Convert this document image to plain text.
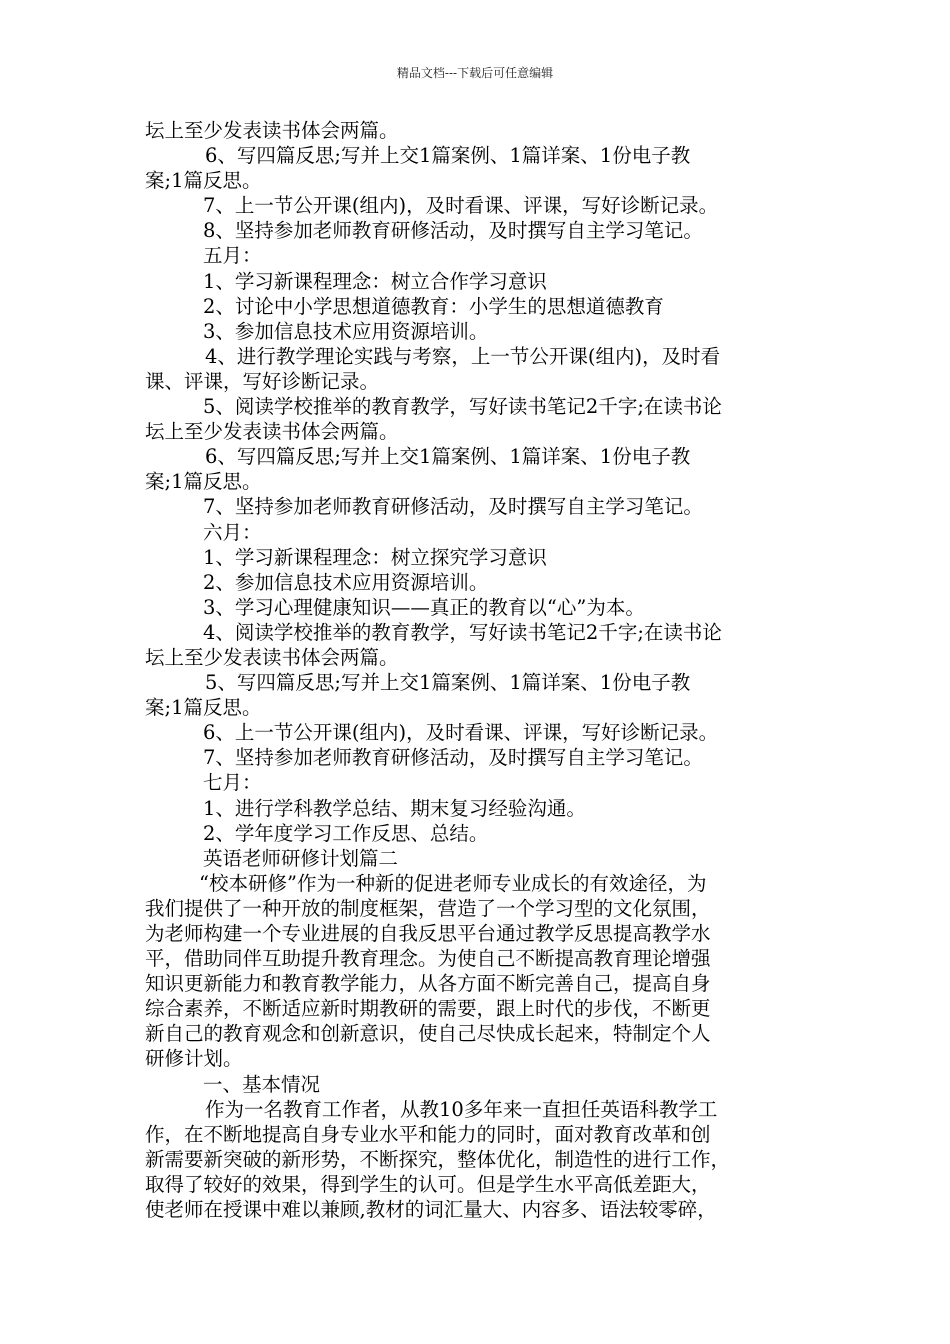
精品文档---下载后可任意编辑
坛上至少发表读书体会两篇。
6、写四篇反思;写并上交1篇案例、1篇详案、1份电子教
案;1篇反思。
7、上一节公开课(组内)，及时看课、评课，写好诊断记录。
8、坚持参加老师教育研修活动，及时撰写自主学习笔记。
五月：
1、学习新课程理念：树立合作学习意识
2、讨论中小学思想道德教育：小学生的思想道德教育
3、参加信息技术应用资源培训。
4、进行教学理论实践与考察，上一节公开课(组内)，及时看
课、评课，写好诊断记录。
5、阅读学校推举的教育教学，写好读书笔记2千字;在读书论
坛上至少发表读书体会两篇。
6、写四篇反思;写并上交1篇案例、1篇详案、1份电子教
案;1篇反思。
7、坚持参加老师教育研修活动，及时撰写自主学习笔记。
六月：
1、学习新课程理念：树立探究学习意识
2、参加信息技术应用资源培训。
3、学习心理健康知识——真正的教育以“心”为本。
4、阅读学校推举的教育教学，写好读书笔记2千字;在读书论
坛上至少发表读书体会两篇。
5、写四篇反思;写并上交1篇案例、1篇详案、1份电子教
案;1篇反思。
6、上一节公开课(组内)，及时看课、评课，写好诊断记录。
7、坚持参加老师教育研修活动，及时撰写自主学习笔记。
七月：
1、进行学科教学总结、期末复习经验沟通。
2、学年度学习工作反思、总结。
英语老师研修计划篇二
“校本研修”作为一种新的促进老师专业成长的有效途径，为
我们提供了一种开放的制度框架，营造了一个学习型的文化氛围，
为老师构建一个专业进展的自我反思平台通过教学反思提高教学水
平，借助同伴互助提升教育理念。为使自己不断提高教育理论增强
知识更新能力和教育教学能力，从各方面不断完善自己，提高自身
综合素养，不断适应新时期教研的需要，跟上时代的步伐，不断更
新自己的教育观念和创新意识，使自己尽快成长起来，特制定个人
研修计划。
一、基本情况
作为一名教育工作者，从教10多年来一直担任英语科教学工
作，在不断地提高自身专业水平和能力的同时，面对教育改革和创
新需要新突破的新形势，不断探究，整体优化，制造性的进行工作，
取得了较好的效果，得到学生的认可。但是学生水平高低差距大，
使老师在授课中难以兼顾,教材的词汇量大、内容多、语法较零碎，
